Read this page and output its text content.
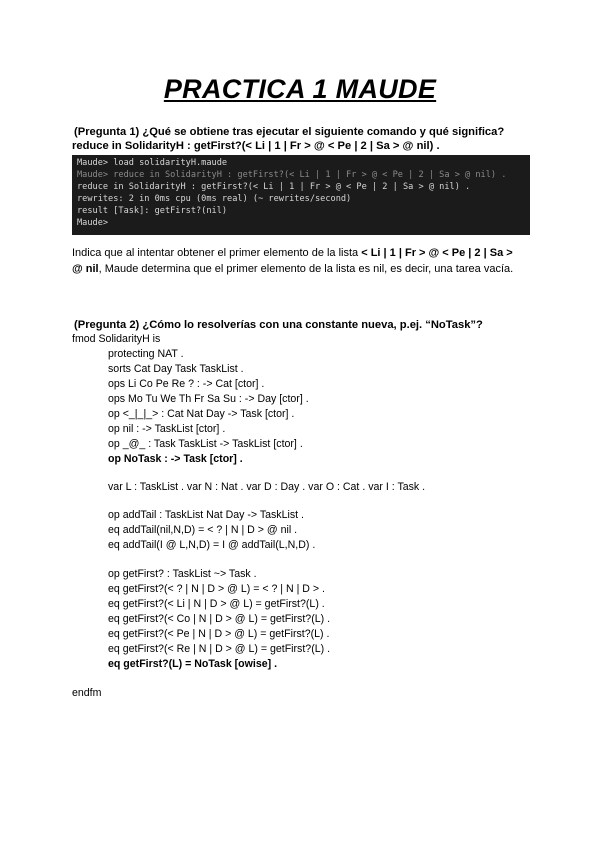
PRACTICA 1 MAUDE
(Pregunta 1) ¿Qué se obtiene tras ejecutar el siguiente comando y qué significa?
reduce in SolidarityH : getFirst?(< Li | 1 | Fr > @ < Pe | 2 | Sa > @ nil) .
Maude> load solidarityH.maude
Maude> reduce in SolidarityH : getFirst?(< Li | 1 | Fr > @ < Pe | 2 | Sa > @ nil) .
reduce in SolidarityH : getFirst?(< Li | 1 | Fr > @ < Pe | 2 | Sa > @ nil) .
rewrites: 2 in 0ms cpu (0ms real) (~ rewrites/second)
result [Task]: getFirst?(nil)
Maude>
Indica que al intentar obtener el primer elemento de la lista < Li | 1 | Fr > @ < Pe | 2 | Sa >
@ nil, Maude determina que el primer elemento de la lista es nil, es decir, una tarea vacía.
(Pregunta 2) ¿Cómo lo resolverías con una constante nueva, p.ej. “NoTask”?
fmod SolidarityH is
protecting NAT .
sorts Cat Day Task TaskList .
ops Li Co Pe Re ? : -> Cat [ctor] .
ops Mo Tu We Th Fr Sa Su : -> Day [ctor] .
op <_|_|_> : Cat Nat Day -> Task [ctor] .
op nil : -> TaskList [ctor] .
op _@_ : Task TaskList -> TaskList [ctor] .
op NoTask : -> Task [ctor] .
var L : TaskList . var N : Nat . var D : Day . var O : Cat . var I : Task .
op addTail : TaskList Nat Day -> TaskList .
eq addTail(nil,N,D) = < ? | N | D > @ nil .
eq addTail(I @ L,N,D) = I @ addTail(L,N,D) .
op getFirst? : TaskList ~> Task .
eq getFirst?(< ? | N | D > @ L) = < ? | N | D > .
eq getFirst?(< Li | N | D > @ L) = getFirst?(L) .
eq getFirst?(< Co | N | D > @ L) = getFirst?(L) .
eq getFirst?(< Pe | N | D > @ L) = getFirst?(L) .
eq getFirst?(< Re | N | D > @ L) = getFirst?(L) .
eq getFirst?(L) = NoTask [owise] .
endfm
